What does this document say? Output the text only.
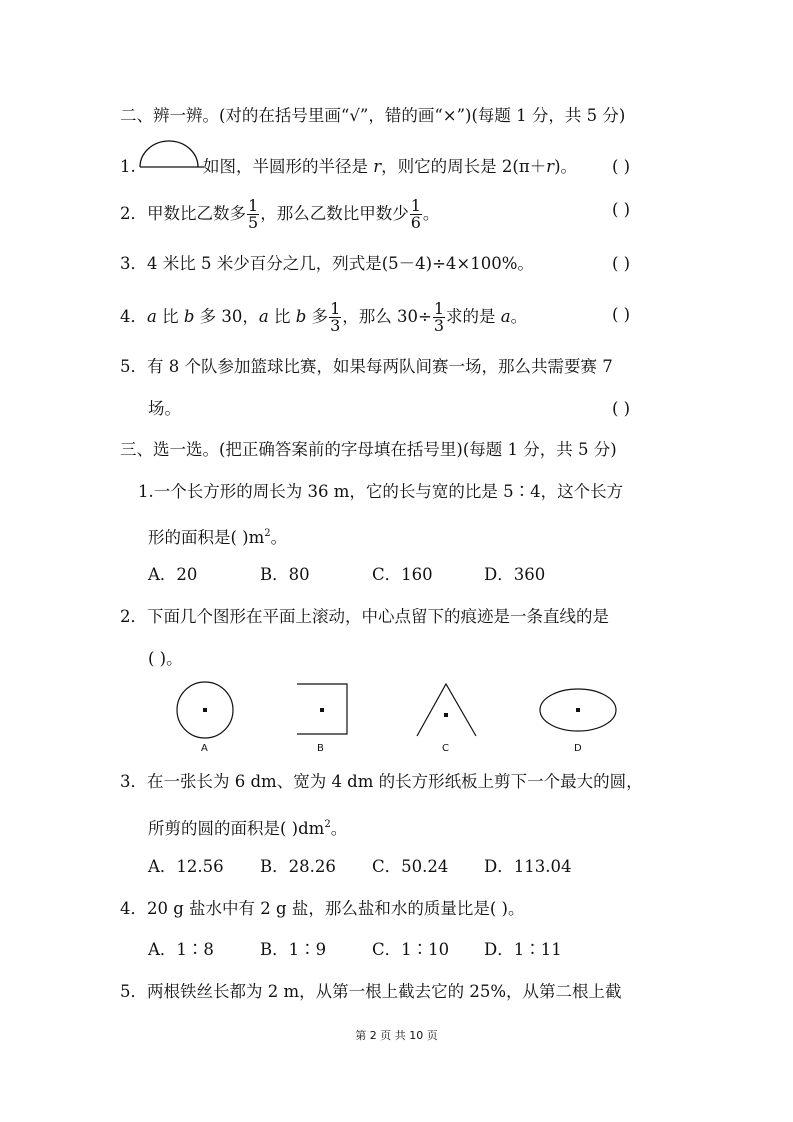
二、辨一辨。(对的在括号里画“√”，错的画“×”)(每题 1 分，共 5 分)
1.	如图，半圆形的半径是 r，则它的周长是 2(π＋r)。 ( )
2．甲数比乙数多 $\frac{1}{5}$ ，那么乙数比甲数少 $\frac{1}{6}$ 。	( )
3．4 米比 5 米少百分之几，列式是(5－4)÷4×100%。	( )
4．a 比 b 多 30，a 比 b 多 $\frac{1}{3}$ ，那么 $30\div \frac{1}{3}$ 求的是 a。	( )
5．有 8 个队参加篮球比赛，如果每两队间赛一场，那么共需要赛 7
场。	( )
三、选一选。(把正确答案前的字母填在括号里)(每题 1 分，共 5 分)
1.一个长方形的周长为 36 m，它的长与宽的比是 5∶4，这个长方
形的面积是( )$m^2$。
A．20	B．80	C．160	D．360
2．下面几个图形在平面上滚动，中心点留下的痕迹是一条直线的是
( )。
A	B	C	D
3．在一张长为 6 dm、宽为 4 dm 的长方形纸板上剪下一个最大的圆，
所剪的圆的面积是( )$dm^2$。
A．12.56 B．28.26 C．50.24 D．113.04
4．20 g 盐水中有 2 g 盐，那么盐和水的质量比是( )。
A．1∶8	B．1∶9	C．1∶10 D．1∶11
5．两根铁丝长都为 2 m，从第一根上截去它的 25%，从第二根上截
第 2 页 共 10 页
